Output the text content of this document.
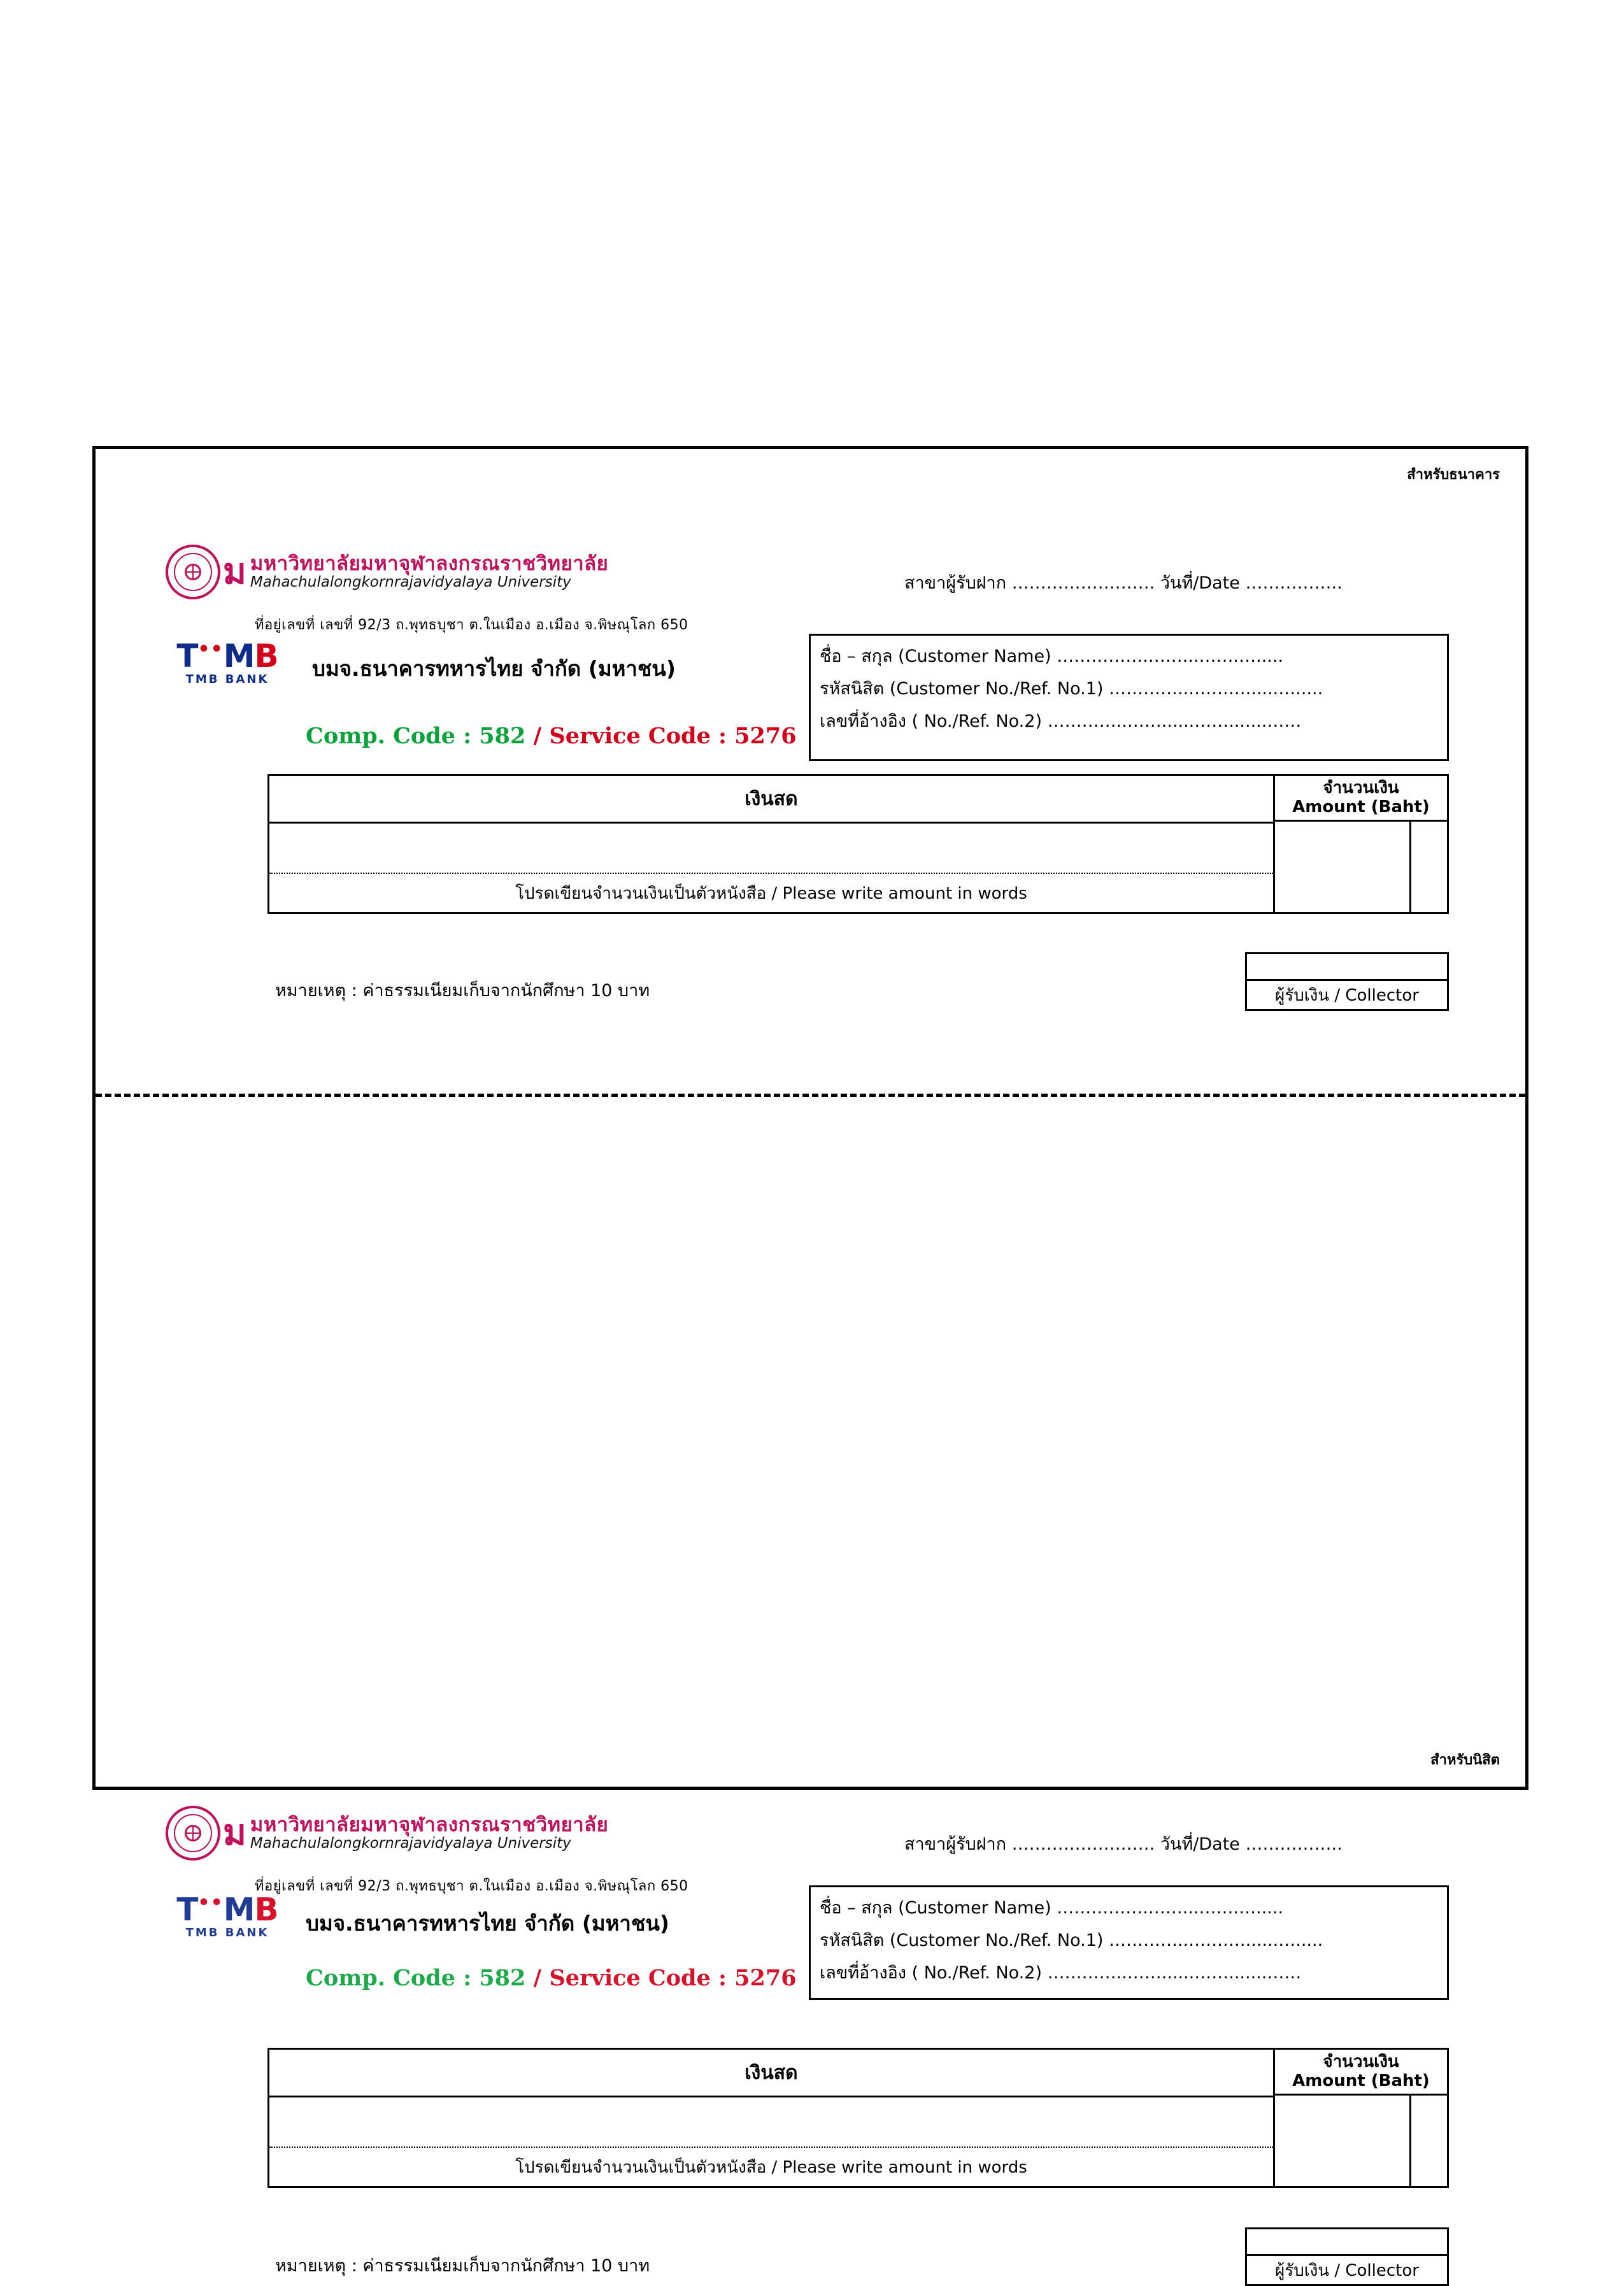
สำหรับธนาคาร
ม มหาวิทยาลัยมหาจุฬาลงกรณราชวิทยาลัย
Mahachulalongkornrajavidyalaya University
ที่อยู่เลขที่ เลขที่ 92/3 ถ.พุทธบุชา ต.ในเมือง อ.เมือง จ.พิษณุโลก 650
T••MB
TMB BANK	บมจ.ธนาคารทหารไทย จำกัด (มหาชน)
Comp. Code : 582 / Service Code : 5276
สาขาผู้รับฝาก ……………………. วันที่/Date ……………..
ชื่อ – สกุล (Customer Name) …………….……...…….….....
รหัสนิสิต (Customer No./Ref. No.1) …………..…….…......….....
เลขที่อ้างอิง ( No./Ref. No.2) …………..……......…….......……
เงินสด
โปรดเขียนจำนวนเงินเป็นตัวหนังสือ / Please write amount in words
จำนวนเงิน
Amount (Baht)
หมายเหตุ : ค่าธรรมเนียมเก็บจากนักศึกษา 10 บาท	ผู้รับเงิน / Collector
สำหรับนิสิต
ม มหาวิทยาลัยมหาจุฬาลงกรณราชวิทยาลัย
Mahachulalongkornrajavidyalaya University
ที่อยู่เลขที่ เลขที่ 92/3 ถ.พุทธบุชา ต.ในเมือง อ.เมือง จ.พิษณุโลก 650
T••MB
TMB BANK	บมจ.ธนาคารทหารไทย จำกัด (มหาชน)
Comp. Code : 582 / Service Code : 5276
สาขาผู้รับฝาก ……………………. วันที่/Date ……………..
ชื่อ – สกุล (Customer Name) …………….……...…….….....
รหัสนิสิต (Customer No./Ref. No.1) …………..…….…......….....
เลขที่อ้างอิง ( No./Ref. No.2) …………..……......…….......……
เงินสด
โปรดเขียนจำนวนเงินเป็นตัวหนังสือ / Please write amount in words
จำนวนเงิน
Amount (Baht)
หมายเหตุ : ค่าธรรมเนียมเก็บจากนักศึกษา 10 บาท	ผู้รับเงิน / Collector
